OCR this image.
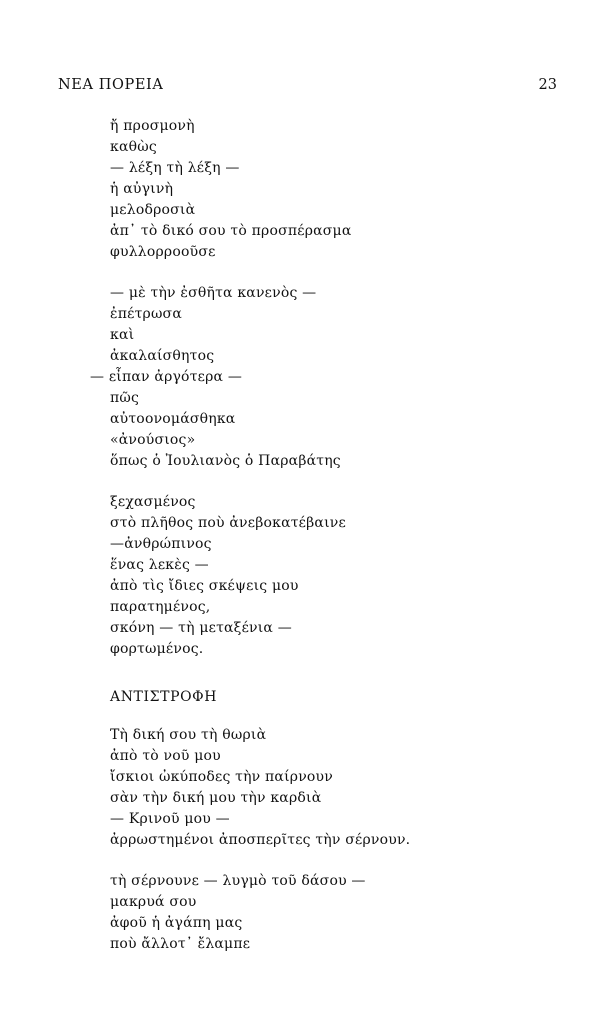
ΝΕΑ ΠΟΡΕΙΑ	23
ἤ προσμονὴ
καθὼς
— λέξη τὴ λέξη —
ἡ αὐγινὴ
μελοδροσιὰ
ἀπ᾽ τὸ δικό σου τὸ προσπέρασμα
φυλλορροοῦσε
— μὲ τὴν ἐσθῆτα κανενὸς —
ἐπέτρωσα
καὶ
ἀκαλαίσθητος
— εἶπαν ἀργότερα —
πῶς
αὐτοονομάσθηκα
«ἀνούσιος»
ὅπως ὁ Ἰουλιανὸς ὁ Παραβάτης
ξεχασμένος
στὸ πλῆθος ποὺ ἀνεβοκατέβαινε
—ἀνθρώπινος
ἕνας λεκὲς —
ἀπὸ τὶς ἴδιες σκέψεις μου
παρατημένος,
σκόνη — τὴ μεταξένια —
φορτωμένος.
ΑΝΤΙΣΤΡΟΦΗ
Τὴ δική σου τὴ θωριὰ
ἀπὸ τὸ νοῦ μου
ἴσκιοι ὠκύποδες τὴν παίρνουν
σὰν τὴν δική μου τὴν καρδιὰ
— Κρινοῦ μου —
ἀρρωστημένοι ἀποσπερῖτες τὴν σέρνουν.
τὴ σέρνουνε — λυγμὸ τοῦ δάσου —
μακρυά σου
ἀφοῦ ἡ ἀγάπη μας
ποὺ ἄλλοτ᾽ ἔλαμπε
